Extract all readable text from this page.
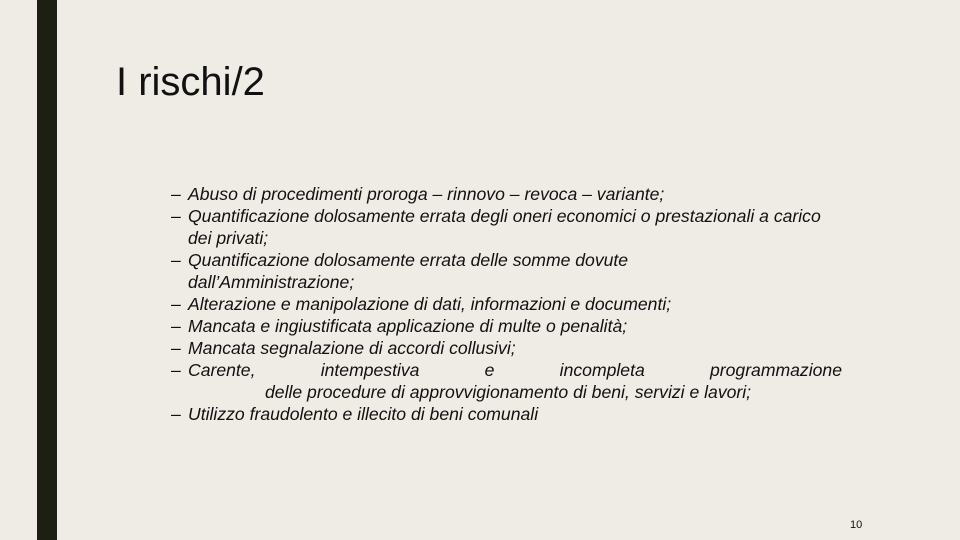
I rischi/2
– Abuso di procedimenti proroga – rinnovo – revoca – variante;
– Quantificazione dolosamente errata degli oneri economici o prestazionali a carico dei privati;
– Quantificazione dolosamente errata delle somme dovute dall’Amministrazione;
– Alterazione e manipolazione di dati, informazioni e documenti;
– Mancata e ingiustificata applicazione di multe o penalità;
– Mancata segnalazione di accordi collusivi;
– Carente, intempestiva e incompleta programmazione
delle procedure di approvvigionamento di beni, servizi e lavori;
– Utilizzo fraudolento e illecito di beni comunali
10
